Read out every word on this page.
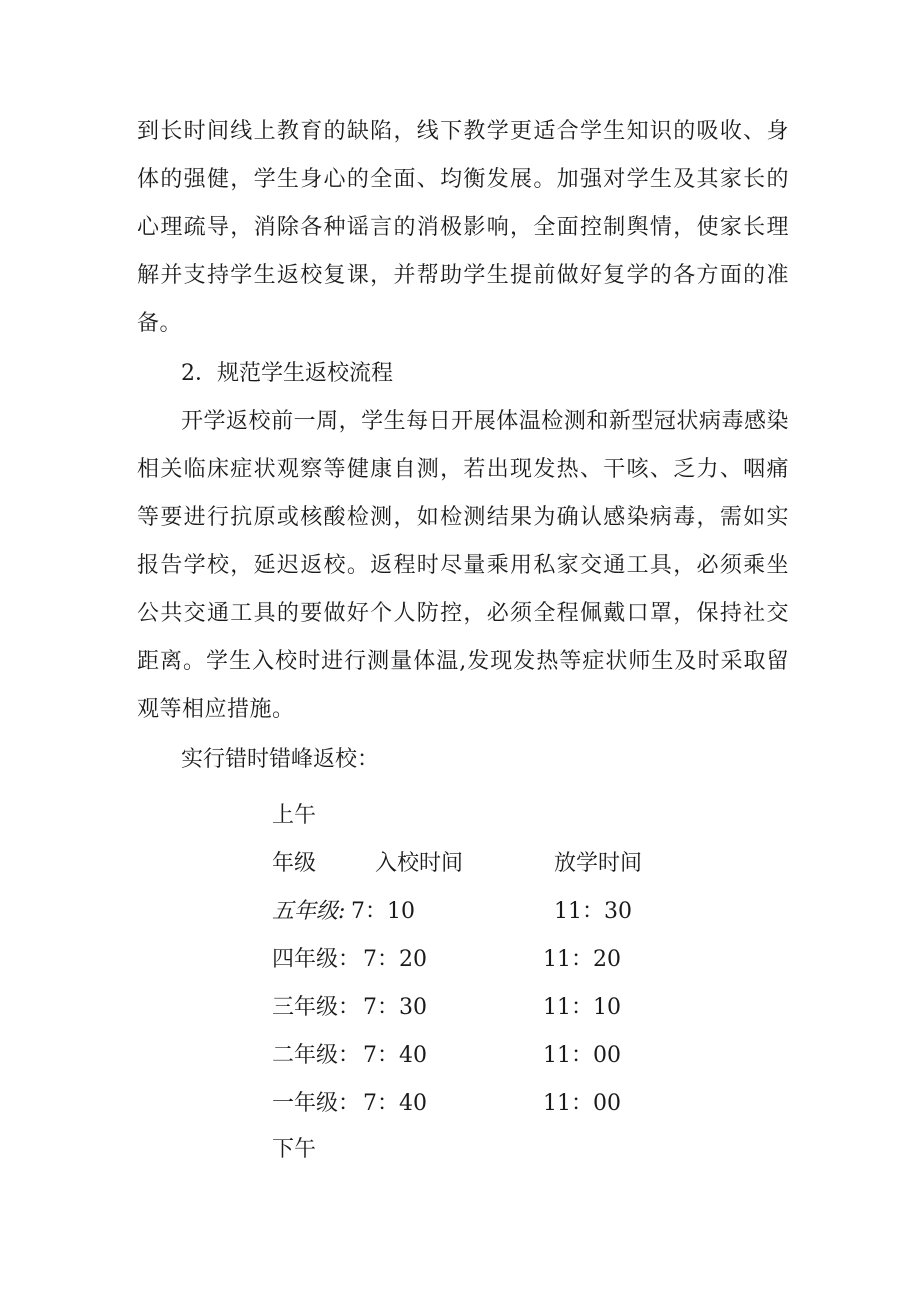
到长时间线上教育的缺陷，线下教学更适合学生知识的吸收、身体的强健，学生身心的全面、均衡发展。加强对学生及其家长的心理疏导，消除各种谣言的消极影响，全面控制舆情，使家长理解并支持学生返校复课，并帮助学生提前做好复学的各方面的准备。

2．规范学生返校流程

开学返校前一周，学生每日开展体温检测和新型冠状病毒感染相关临床症状观察等健康自测，若出现发热、干咳、乏力、咽痛等要进行抗原或核酸检测，如检测结果为确认感染病毒，需如实报告学校，延迟返校。返程时尽量乘用私家交通工具，必须乘坐公共交通工具的要做好个人防控，必须全程佩戴口罩，保持社交距离。学生入校时进行测量体温,发现发热等症状师生及时采取留观等相应措施。

实行错时错峰返校：
上午
年级	入校时间	放学时间
五年级: 7：10	11：30
四年级： 7：20	11：20
三年级： 7：30	11：10
二年级： 7：40	11：00
一年级： 7：40	11：00
下午
